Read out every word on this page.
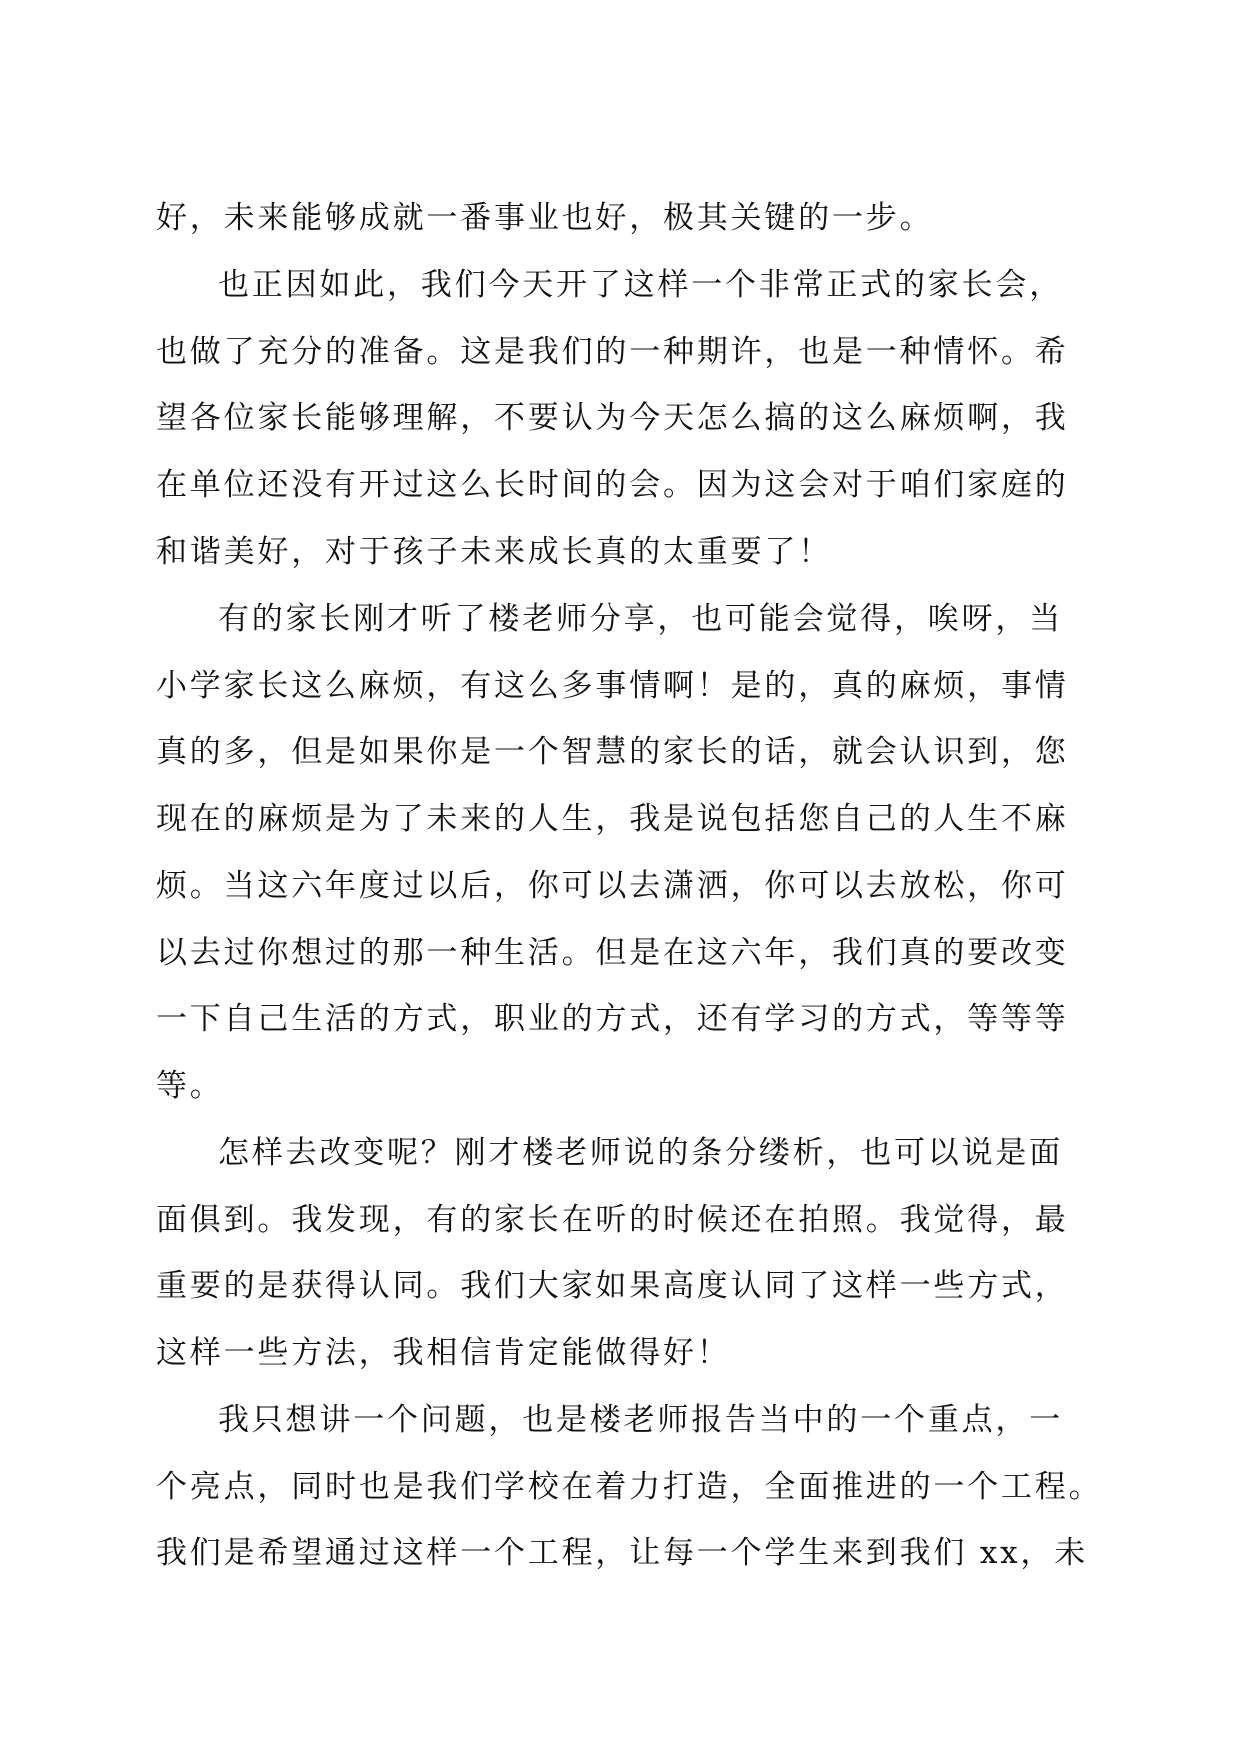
好，未来能够成就一番事业也好，极其关键的一步。
也正因如此，我们今天开了这样一个非常正式的家长会，
也做了充分的准备。这是我们的一种期许，也是一种情怀。希
望各位家长能够理解，不要认为今天怎么搞的这么麻烦啊，我
在单位还没有开过这么长时间的会。因为这会对于咱们家庭的
和谐美好，对于孩子未来成长真的太重要了！
有的家长刚才听了楼老师分享，也可能会觉得，唉呀，当
小学家长这么麻烦，有这么多事情啊！是的，真的麻烦，事情
真的多，但是如果你是一个智慧的家长的话，就会认识到，您
现在的麻烦是为了未来的人生，我是说包括您自己的人生不麻
烦。当这六年度过以后，你可以去潇洒，你可以去放松，你可
以去过你想过的那一种生活。但是在这六年，我们真的要改变
一下自己生活的方式，职业的方式，还有学习的方式，等等等
等。
怎样去改变呢？刚才楼老师说的条分缕析，也可以说是面
面俱到。我发现，有的家长在听的时候还在拍照。我觉得，最
重要的是获得认同。我们大家如果高度认同了这样一些方式，
这样一些方法，我相信肯定能做得好！
我只想讲一个问题，也是楼老师报告当中的一个重点，一
个亮点，同时也是我们学校在着力打造，全面推进的一个工程。
我们是希望通过这样一个工程，让每一个学生来到我们 xx，未
